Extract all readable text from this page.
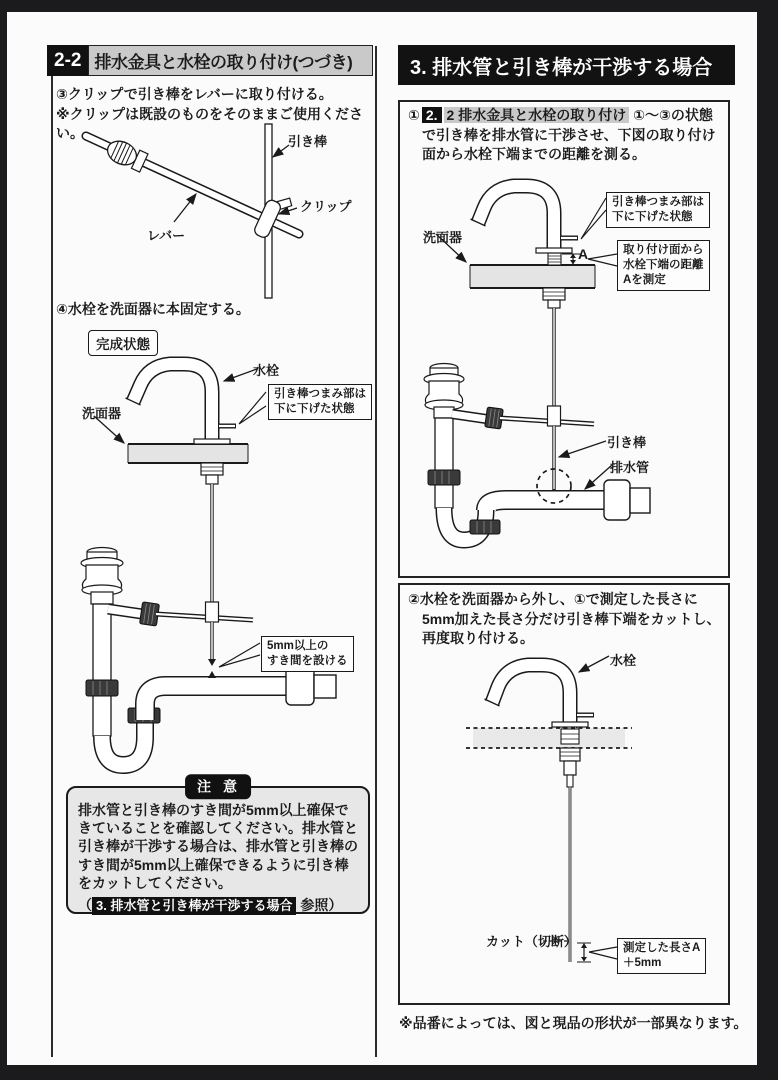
2-2 排水金具と水栓の取り付け(つづき)
③クリップで引き棒をレバーに取り付ける。
※クリップは既設のものをそのままご使用ください。
引き棒
クリップ
レバー
④水栓を洗面器に本固定する。
完成状態
水栓
引き棒つまみ部は
下に下げた状態
洗面器
5mm以上の
すき間を設ける
注 意
排水管と引き棒のすき間が5mm以上確保できていることを確認してください。排水管と引き棒が干渉する場合は、排水管と引き棒のすき間が5mm以上確保できるように引き棒をカットしてください。
（ 3. 排水管と引き棒が干渉する場合 参照）
3. 排水管と引き棒が干渉する場合
① 2. 2 排水金具と水栓の取り付け ①〜③の状態で引き棒を排水管に干渉させ、下図の取り付け面から水栓下端までの距離を測る。
洗面器
引き棒つまみ部は
下に下げた状態
取り付け面から
水栓下端の距離
Aを測定
A
引き棒
排水管
②水栓を洗面器から外し、①で測定した長さに5mm加えた長さ分だけ引き棒下端をカットし、再度取り付ける。
水栓
カット（切断）	測定した長さA
＋5mm
※品番によっては、図と現品の形状が一部異なります。
